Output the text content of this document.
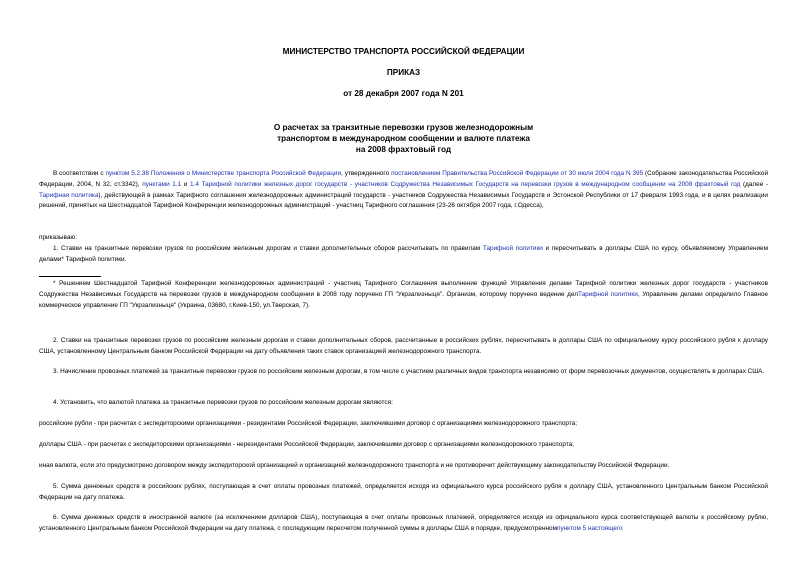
МИНИСТЕРСТВО ТРАНСПОРТА РОССИЙСКОЙ ФЕДЕРАЦИИ
ПРИКАЗ
от 28 декабря 2007 года N 201
О расчетах за транзитные перевозки грузов железнодорожным
транспортом в международном сообщении и валюте платежа
на 2008 фрахтовый год

В соответствии с пунктом 5.2.38 Положения о Министерстве транспорта Российской Федерации, утвержденного постановлением Правительства Российской Федерации от 30 июля 2004 года N 395 (Собрание законодательства Российской Федерации, 2004, N 32, ст.3342), пунктами 1.1 и 1.4 Тарифной политики железных дорог государств - участников Содружества Независимых Государств на перевозки грузов в международном сообщении на 2008 фрахтовый год (далее - Тарифная политика), действующей в рамках Тарифного соглашения железнодорожных администраций государств - участников Содружества Независимых Государств и Эстонской Республики от 17 февраля 1993 года, и в целях реализации решений, принятых на Шестнадцатой Тарифной Конференции железнодорожных администраций - участниц Тарифного соглашения (23-26 октября 2007 года, г.Одесса),

приказываю:

1. Ставки на транзитные перевозки грузов по российским железным дорогам и ставки дополнительных сборов рассчитывать по правилам Тарифной политики и пересчитывать в доллары США по курсу, объявляемому Управлением делами* Тарифной политики.

* Решением Шестнадцатой Тарифной Конференции железнодорожных администраций - участниц Тарифного Соглашения выполнение функций Управления делами Тарифной политики железных дорог государств - участников Содружества Независимых Государств на перевозки грузов в международном сообщении в 2008 году поручено ГП "Укрзализныця". Организм, которому поручено ведение делТарифной политики, Управление делами определило Главное коммерческое управление ГП "Укрзализныця" (Украина, 03680, г.Киев-150, ул.Тверская, 7).

2. Ставки на транзитные перевозки грузов по российским железным дорогам и ставки дополнительных сборов, рассчитанные в российских рублях, пересчитывать в доллары США по официальному курсу российского рубля к доллару США, установленному Центральным банком Российской Федерации на дату объявления таких ставок организацией железнодорожного транспорта.

3. Начисление провозных платежей за транзитные перевозки грузов по российским железным дорогам, в том числе с участием различных видов транспорта независимо от форм перевозочных документов, осуществлять в долларах США.

4. Установить, что валютой платежа за транзитные перевозки грузов по российским железным дорогам являются:
российские рубли - при расчетах с экспедиторскими организациями - резидентами Российской Федерации, заключившими договор с организациями железнодорожного транспорта;
доллары США - при расчетах с экспедиторскими организациями - нерезидентами Российской Федерации, заключившими договор с организациями железнодорожного транспорта;
иная валюта, если это предусмотрено договором между экспедиторской организацией и организацией железнодорожного транспорта и не противоречит действующему законодательству Российской Федерации.

5. Сумма денежных средств в российских рублях, поступающая в счет оплаты провозных платежей, определяется исходя из официального курса российского рубля к доллару США, установленного Центральным банком Российской Федерации на дату платежа.

6. Сумма денежных средств в иностранной валюте (за исключением долларов США), поступающая в счет оплаты провозных платежей, определяется исходя из официального курса соответствующей валюты к российскому рублю, установленного Центральным банком Российской Федерации на дату платежа, с последующим пересчетом полученной суммы в доллары США в порядке, предусмотренномпунктом 5 настоящего
